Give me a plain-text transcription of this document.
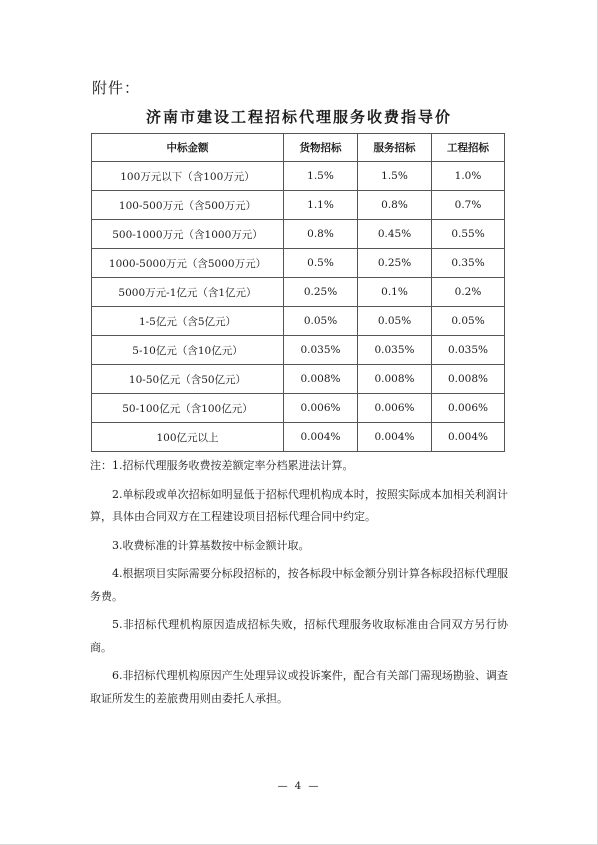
附件：
济南市建设工程招标代理服务收费指导价
中标金额	货物招标	服务招标	工程招标
100万元以下（含100万元）	1.5%	1.5%	1.0%
100-500万元（含500万元）	1.1%	0.8%	0.7%
500-1000万元（含1000万元）	0.8%	0.45%	0.55%
1000-5000万元（含5000万元）	0.5%	0.25%	0.35%
5000万元-1亿元（含1亿元）	0.25%	0.1%	0.2%
1-5亿元（含5亿元）	0.05%	0.05%	0.05%
5-10亿元（含10亿元）	0.035%	0.035%	0.035%
10-50亿元（含50亿元）	0.008%	0.008%	0.008%
50-100亿元（含100亿元）	0.006%	0.006%	0.006%
100亿元以上	0.004%	0.004%	0.004%

注：1.招标代理服务收费按差额定率分档累进法计算。

2.单标段或单次招标如明显低于招标代理机构成本时，按照实际成本加相关利润计算，具体由合同双方在工程建设项目招标代理合同中约定。

3.收费标准的计算基数按中标金额计取。

4.根据项目实际需要分标段招标的，按各标段中标金额分别计算各标段招标代理服务费。

5.非招标代理机构原因造成招标失败，招标代理服务收取标准由合同双方另行协商。

6.非招标代理机构原因产生处理异议或投诉案件，配合有关部门需现场勘验、调查取证所发生的差旅费用则由委托人承担。

— 4 —
